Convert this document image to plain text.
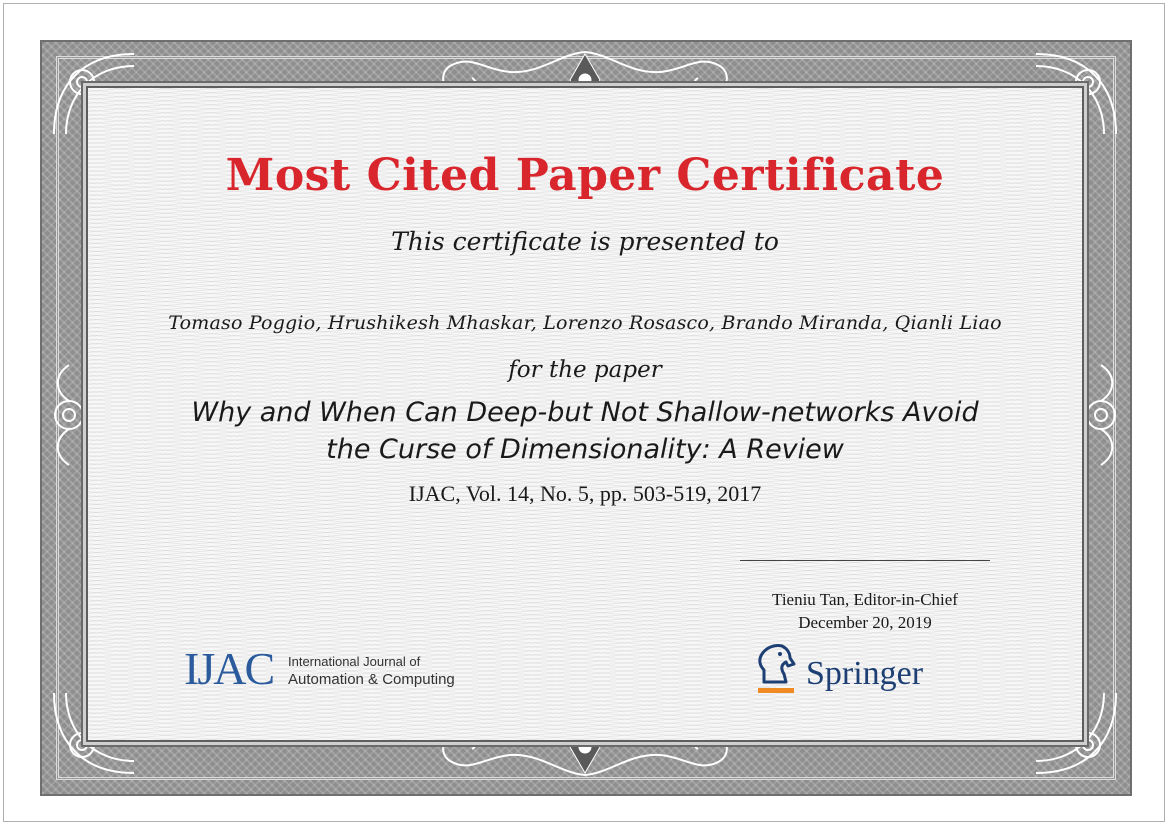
Most Cited Paper Certificate
This certificate is presented to
Tomaso Poggio, Hrushikesh Mhaskar, Lorenzo Rosasco, Brando Miranda, Qianli Liao
for the paper
Why and When Can Deep-but Not Shallow-networks Avoid
the Curse of Dimensionality: A Review
IJAC, Vol. 14, No. 5, pp. 503-519, 2017
Tieniu Tan, Editor-in-Chief
December 20, 2019
IJAC International Journal of
Automation & Computing	Springer
